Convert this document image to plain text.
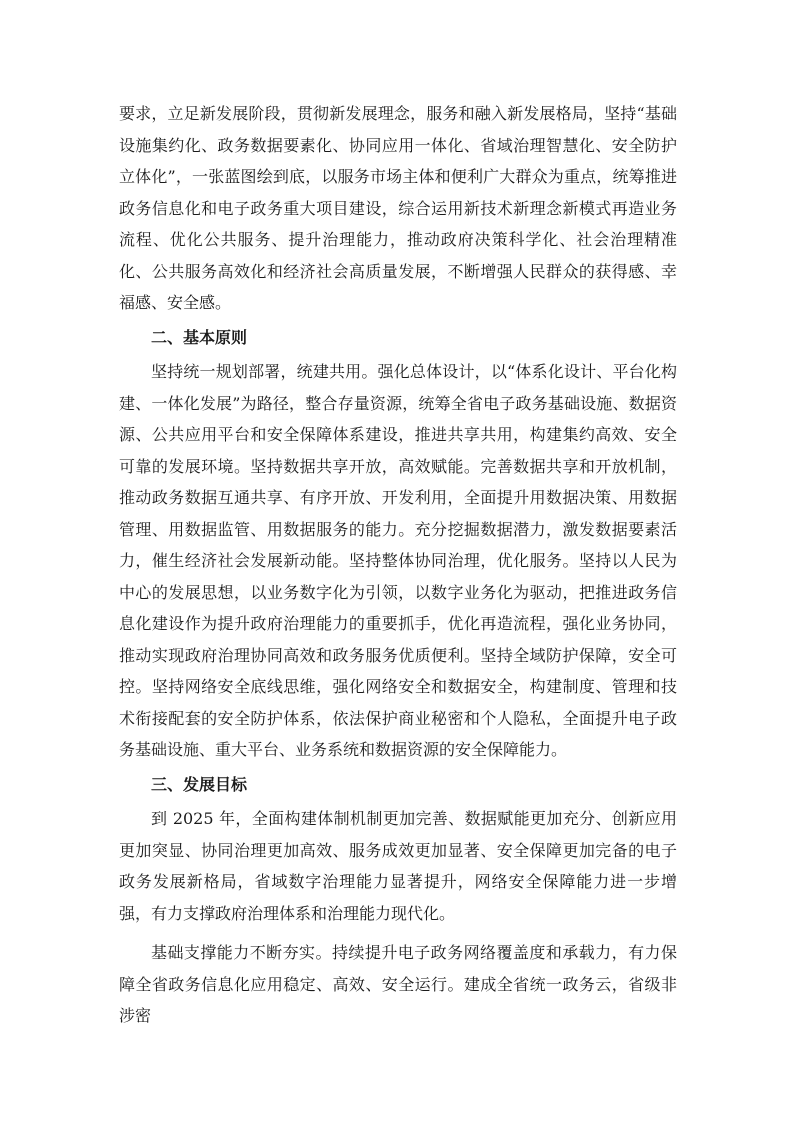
要求，立足新发展阶段，贯彻新发展理念，服务和融入新发展格局，坚持“基础设施集约化、政务数据要素化、协同应用一体化、省域治理智慧化、安全防护立体化”，一张蓝图绘到底，以服务市场主体和便利广大群众为重点，统筹推进政务信息化和电子政务重大项目建设，综合运用新技术新理念新模式再造业务流程、优化公共服务、提升治理能力，推动政府决策科学化、社会治理精准化、公共服务高效化和经济社会高质量发展，不断增强人民群众的获得感、幸福感、安全感。

二、基本原则

坚持统一规划部署，统建共用。强化总体设计，以“体系化设计、平台化构建、一体化发展”为路径，整合存量资源，统筹全省电子政务基础设施、数据资源、公共应用平台和安全保障体系建设，推进共享共用，构建集约高效、安全可靠的发展环境。坚持数据共享开放，高效赋能。完善数据共享和开放机制，推动政务数据互通共享、有序开放、开发利用，全面提升用数据决策、用数据管理、用数据监管、用数据服务的能力。充分挖掘数据潜力，激发数据要素活力，催生经济社会发展新动能。坚持整体协同治理，优化服务。坚持以人民为中心的发展思想，以业务数字化为引领，以数字业务化为驱动，把推进政务信息化建设作为提升政府治理能力的重要抓手，优化再造流程，强化业务协同，推动实现政府治理协同高效和政务服务优质便利。坚持全域防护保障，安全可控。坚持网络安全底线思维，强化网络安全和数据安全，构建制度、管理和技术衔接配套的安全防护体系，依法保护商业秘密和个人隐私，全面提升电子政务基础设施、重大平台、业务系统和数据资源的安全保障能力。

三、发展目标

到 2025 年，全面构建体制机制更加完善、数据赋能更加充分、创新应用更加突显、协同治理更加高效、服务成效更加显著、安全保障更加完备的电子政务发展新格局，省域数字治理能力显著提升，网络安全保障能力进一步增强，有力支撑政府治理体系和治理能力现代化。

基础支撑能力不断夯实。持续提升电子政务网络覆盖度和承载力，有力保障全省政务信息化应用稳定、高效、安全运行。建成全省统一政务云，省级非涉密
